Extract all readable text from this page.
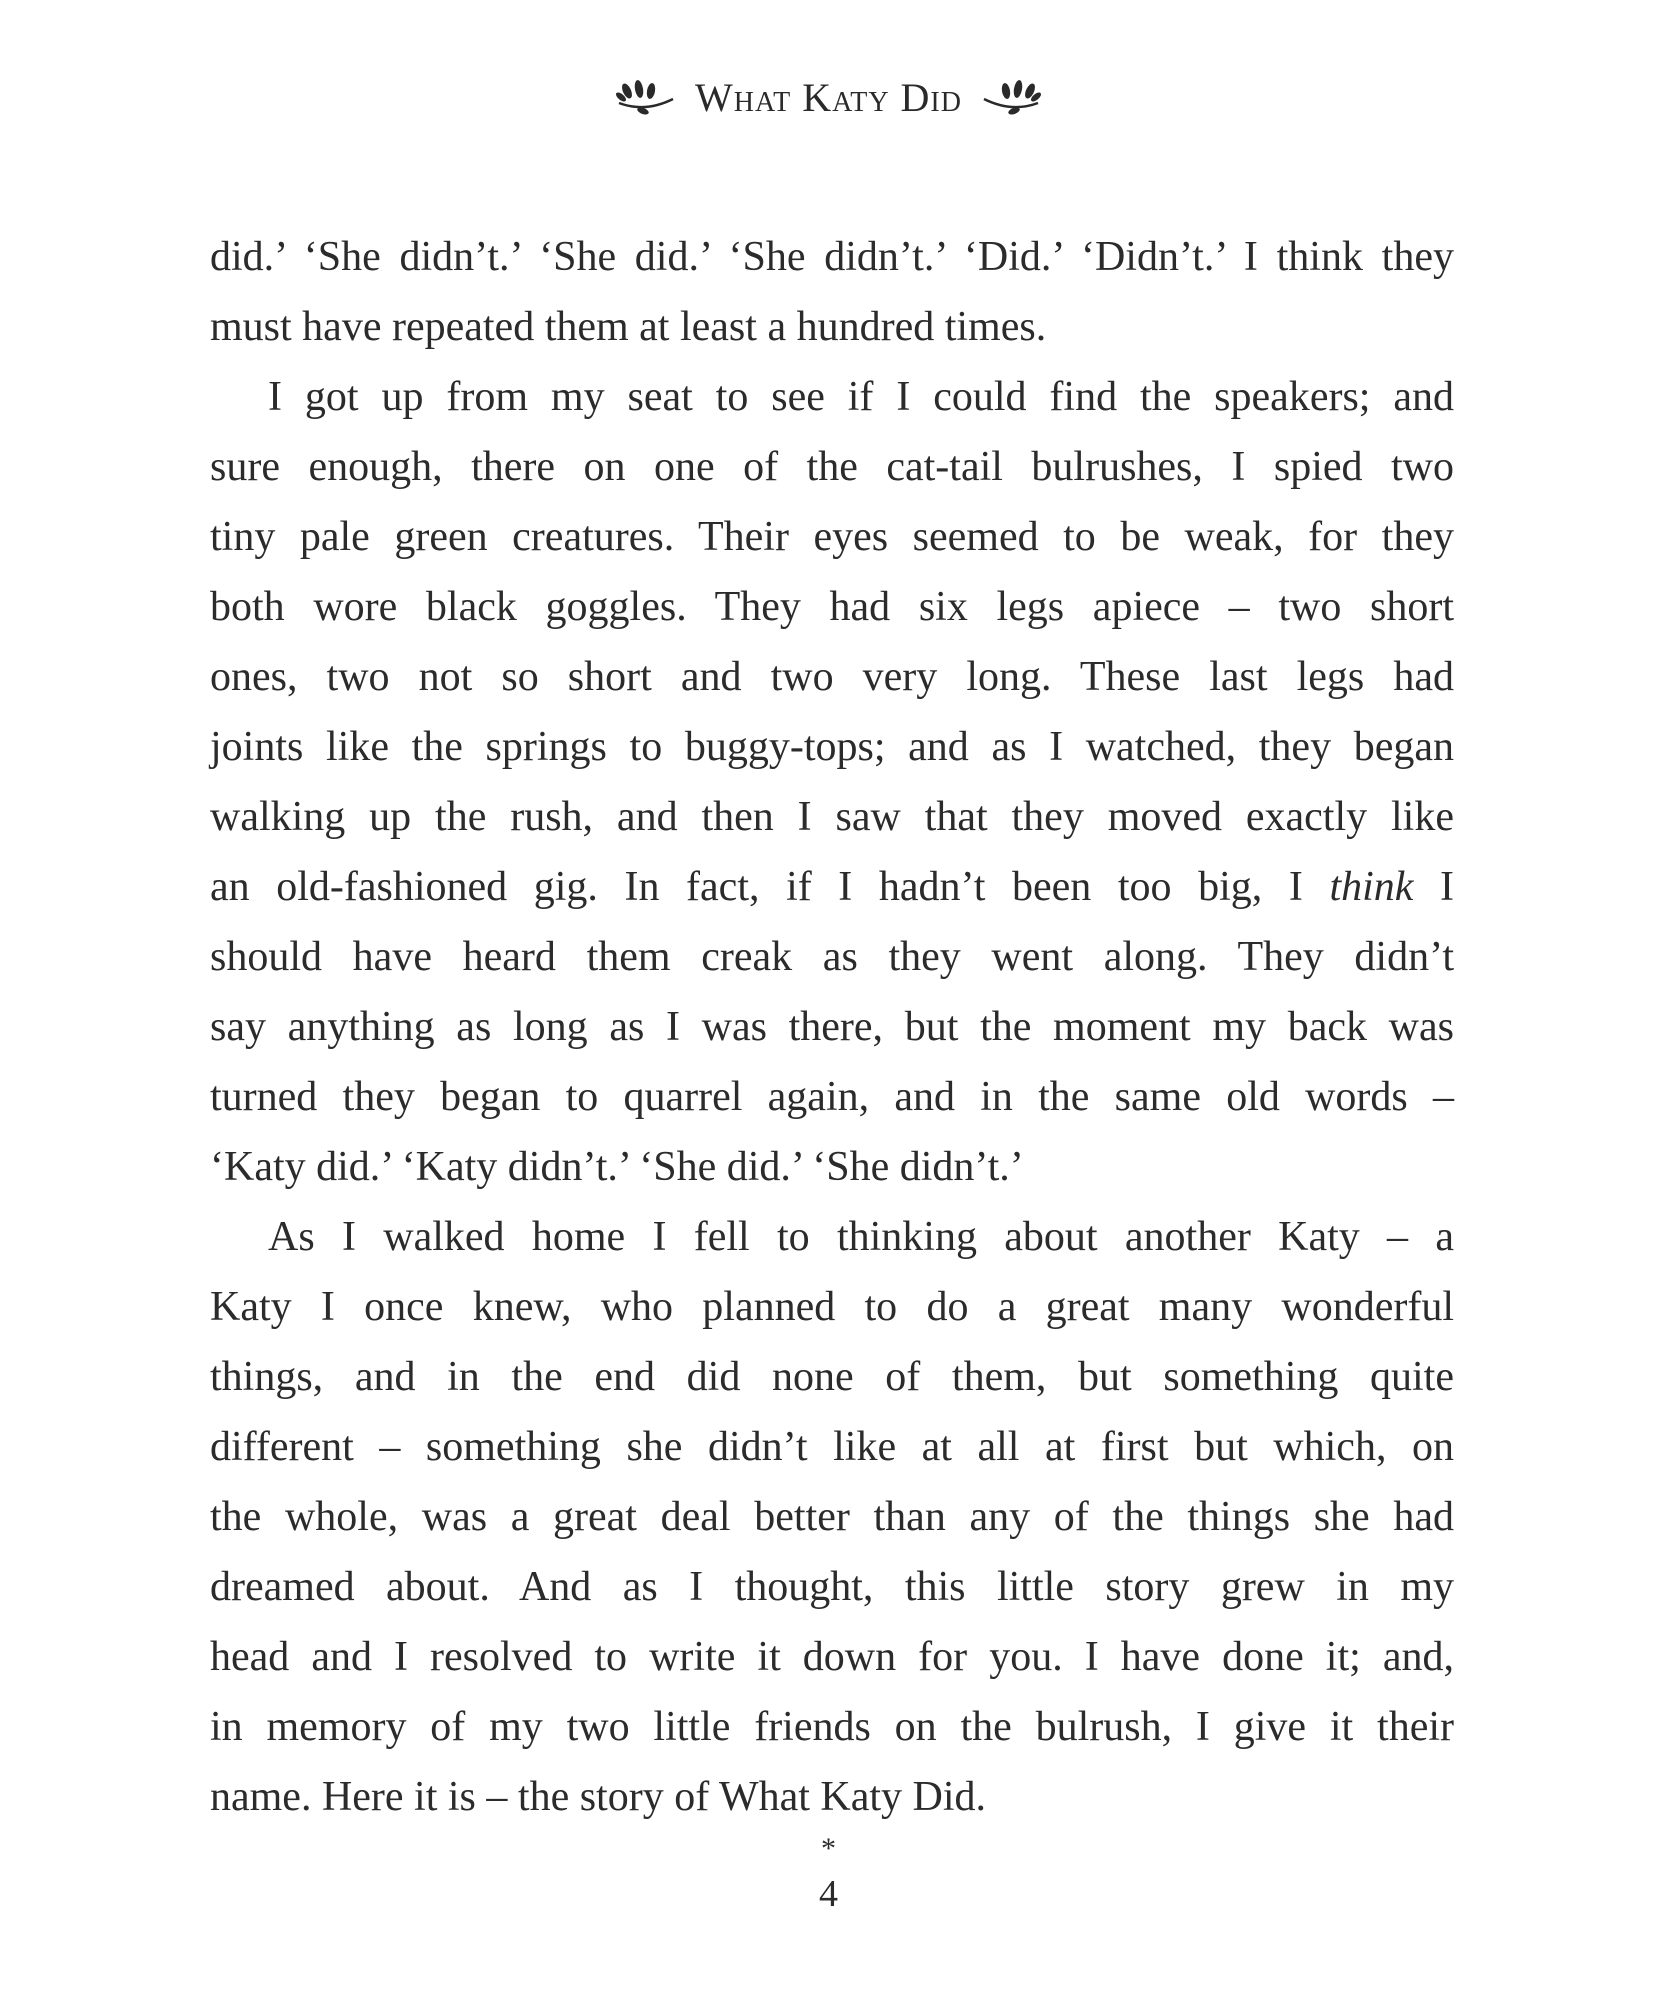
What Katy Did

did.’ ‘She didn’t.’ ‘She did.’ ‘She didn’t.’ ‘Did.’ ‘Didn’t.’ I think they
must have repeated them at least a hundred times.
I got up from my seat to see if I could find the speakers; and
sure enough, there on one of the cat-tail bulrushes, I spied two
tiny pale green creatures. Their eyes seemed to be weak, for they
both wore black goggles. They had six legs apiece – two short
ones, two not so short and two very long. These last legs had
joints like the springs to buggy-tops; and as I watched, they began
walking up the rush, and then I saw that they moved exactly like
an old-fashioned gig. In fact, if I hadn’t been too big, I think I
should have heard them creak as they went along. They didn’t
say anything as long as I was there, but the moment my back was
turned they began to quarrel again, and in the same old words –
‘Katy did.’ ‘Katy didn’t.’ ‘She did.’ ‘She didn’t.’
As I walked home I fell to thinking about another Katy – a
Katy I once knew, who planned to do a great many wonderful
things, and in the end did none of them, but something quite
different – something she didn’t like at all at first but which, on
the whole, was a great deal better than any of the things she had
dreamed about. And as I thought, this little story grew in my
head and I resolved to write it down for you. I have done it; and,
in memory of my two little friends on the bulrush, I give it their
name. Here it is – the story of What Katy Did.
*
4
